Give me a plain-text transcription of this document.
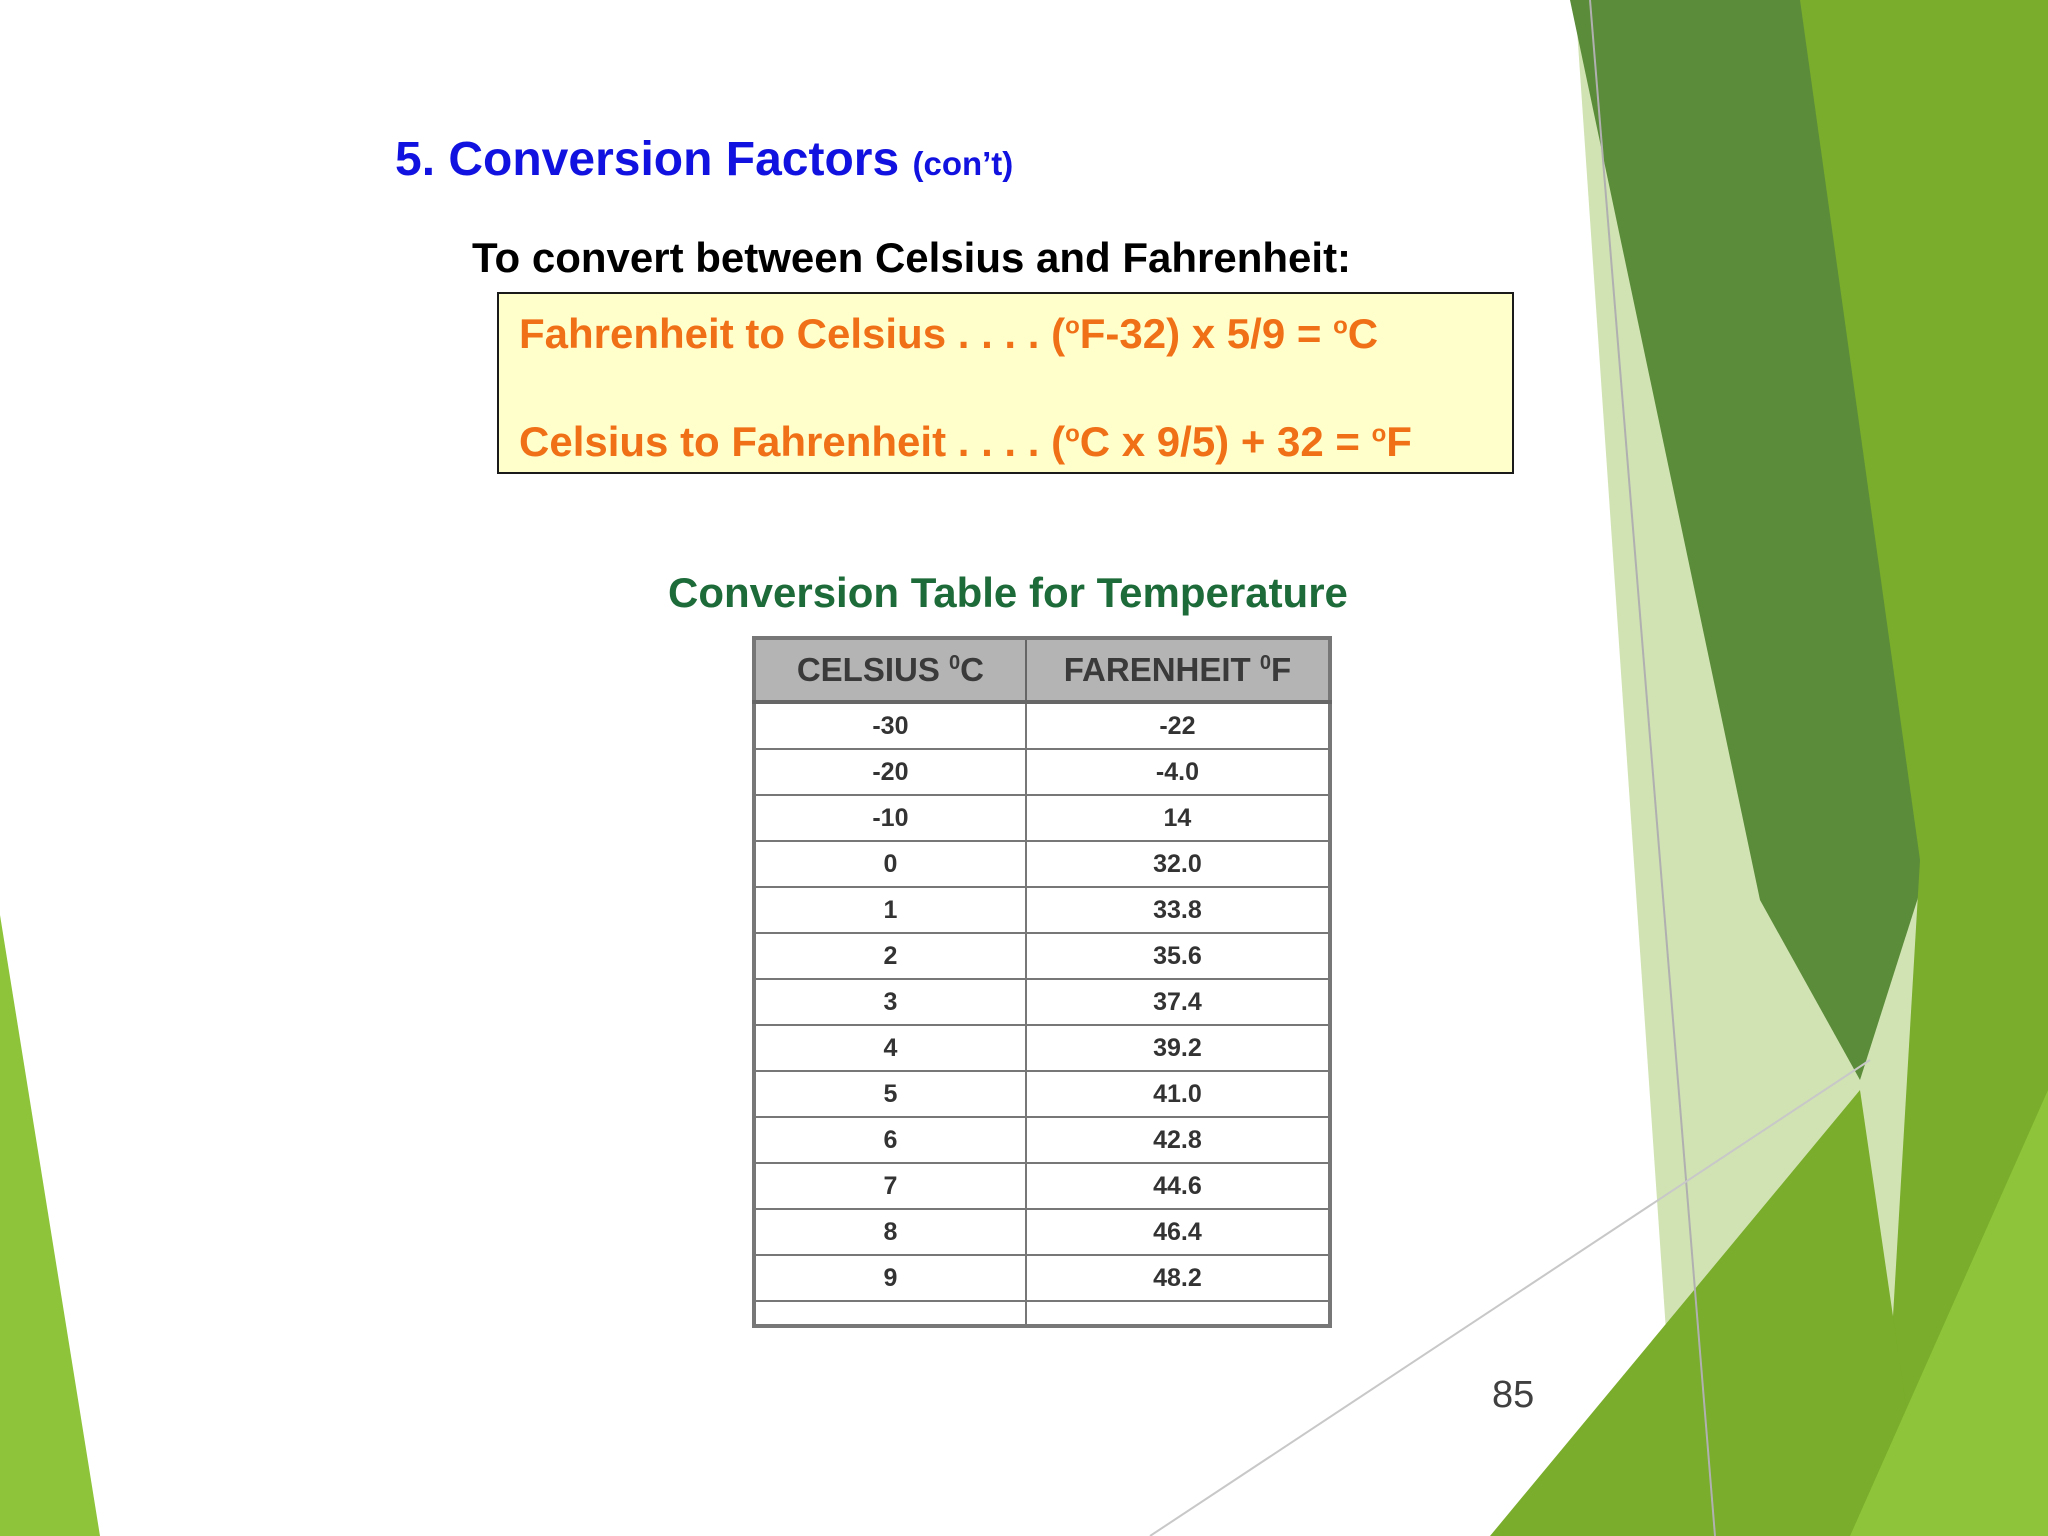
5. Conversion Factors (con’t)

To convert between Celsius and Fahrenheit:

Fahrenheit to Celsius . . . . ($^o$F-32) x 5/9 = $^o$C

Celsius to Fahrenheit . . . . ($^o$C x 9/5) + 32 = $^o$F

Conversion Table for Temperature
CELSIUS $^0$C	FARENHEIT $^0$F
-30	-22
-20	-4.0
-10	14
0	32.0
1	33.8
2	35.6
3	37.4
4	39.2
5	41.0
6	42.8
7	44.6
8	46.4
9	48.2

85
